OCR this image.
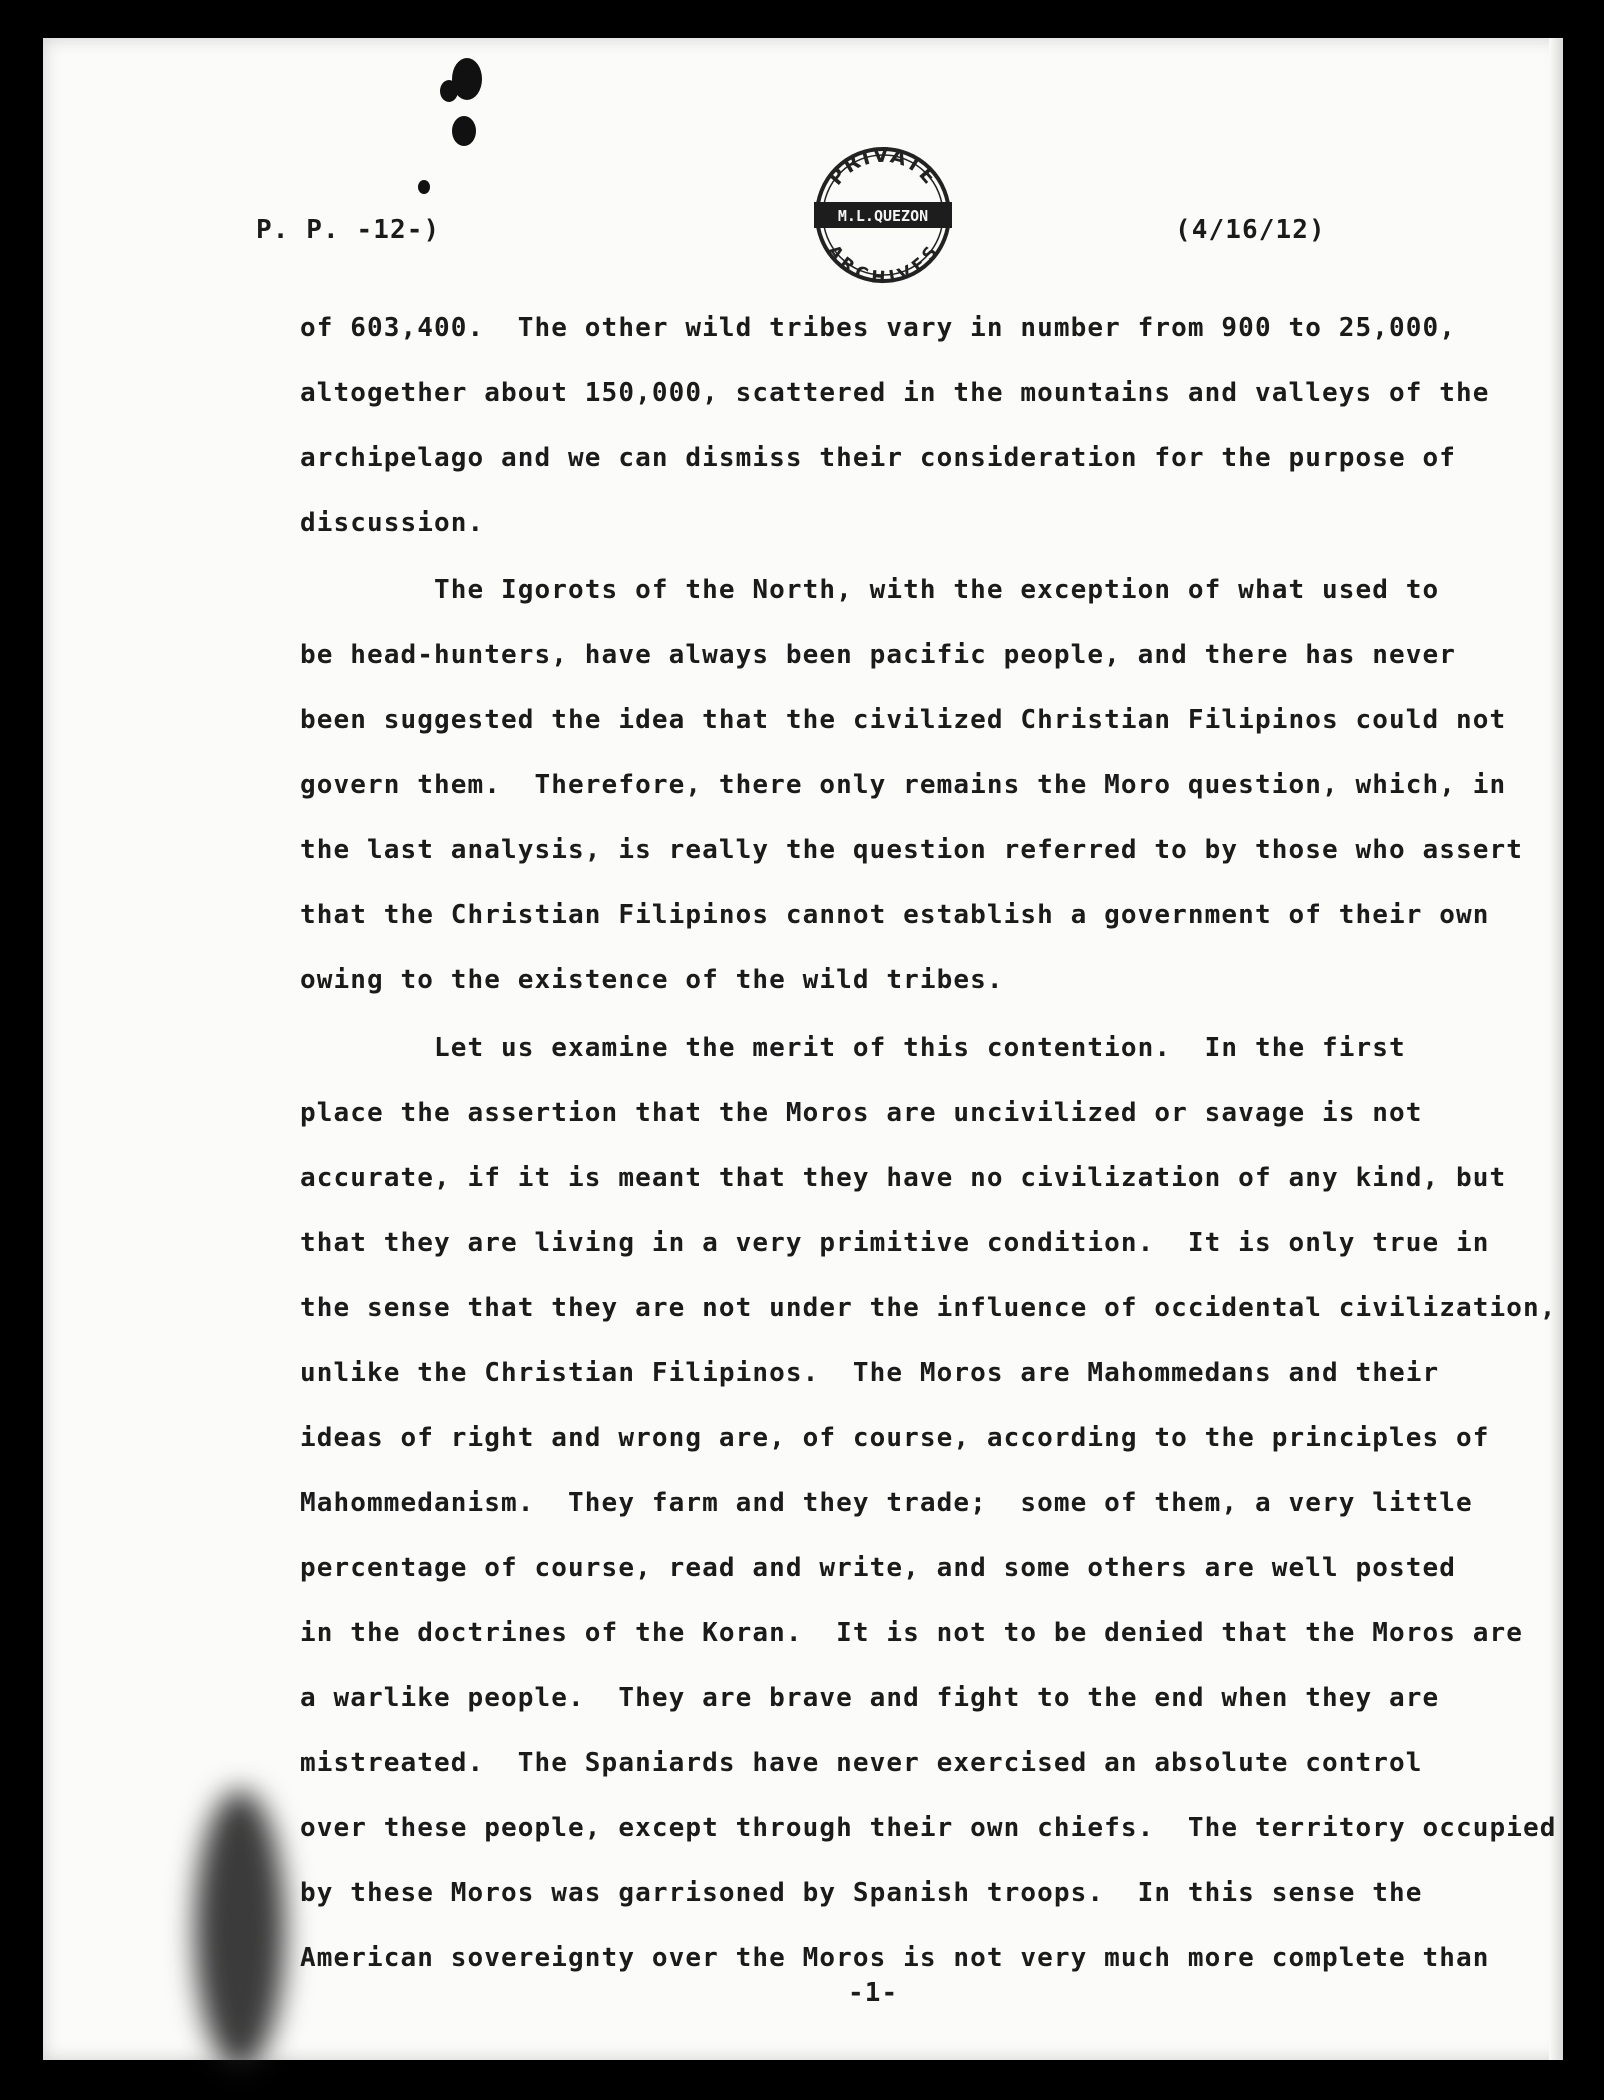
P. P. -12-)	(4/16/12)
PRIVATE
M.L.QUEZON
ARCHIVES
of 603,400.  The other wild tribes vary in number from 900 to 25,000,
altogether about 150,000, scattered in the mountains and valleys of the
archipelago and we can dismiss their consideration for the purpose of
discussion.
The Igorots of the North, with the exception of what used to
be head-hunters, have always been pacific people, and there has never
been suggested the idea that the civilized Christian Filipinos could not
govern them.  Therefore, there only remains the Moro question, which, in
the last analysis, is really the question referred to by those who assert
that the Christian Filipinos cannot establish a government of their own
owing to the existence of the wild tribes.
Let us examine the merit of this contention.  In the first
place the assertion that the Moros are uncivilized or savage is not
accurate, if it is meant that they have no civilization of any kind, but
that they are living in a very primitive condition.  It is only true in
the sense that they are not under the influence of occidental civilization,
unlike the Christian Filipinos.  The Moros are Mahommedans and their
ideas of right and wrong are, of course, according to the principles of
Mahommedanism.  They farm and they trade;  some of them, a very little
percentage of course, read and write, and some others are well posted
in the doctrines of the Koran.  It is not to be denied that the Moros are
a warlike people.  They are brave and fight to the end when they are
mistreated.  The Spaniards have never exercised an absolute control
over these people, except through their own chiefs.  The territory occupied
by these Moros was garrisoned by Spanish troops.  In this sense the
American sovereignty over the Moros is not very much more complete than
-1-
